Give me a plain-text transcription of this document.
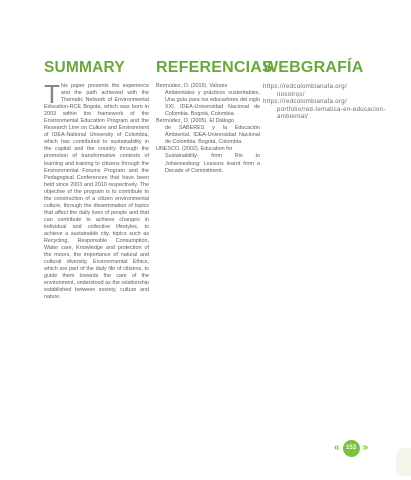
SUMMARY

This paper presents the experience and the path achieved with the Thematic Network of Environmental Education-RCE Bogota, which was born in 2003 within the framework of the Environmental Education Program and the Research Line on Culture and Environment of IDEA-National University of Colombia, which has contributed to sustainability in the capital and the country through the promotion of transformative contexts of learning and training to citizens through the Environmental Forums Program and the Pedagogical Conferences that have been held since 2003 and 2010 respectively. The objective of the program is to contribute to the construction of a citizen environmental culture, through the dissemination of topics that affect the daily lives of people and that can contribute to achieve changes in individual and collective lifestyles, to achieve a sustainable city, topics such as Recycling, Responsible Consumption, Water care, Knowledge and protection of the moors, the importance of natural and cultural diversity, Environmental Ethics, which are part of the daily life of citizens, to guide them towards the care of the environment, understood as the relationship established between society, culture and nature.

REFERENCIAS
Bermúdez, O. (2015). Valores
Ambientales y prácticos sustentables. Una guía para los educadores del siglo XXI. IDEA-Universidad Nacional de Colombia. Bogotá, Colombia.
Bermúdez, O. (2005). El Diálogo
de SABERES y la Educación Ambiental. IDEA-Universidad Nacional de Colombia. Bogotá, Colombia.
UNESCO. (2002). Education for
Sustainability- from Rio to Johannesburg: Lessons learnt from a Decade of Commitment.
WEBGRAFÍA
https://redcolombianafa.org/
nosotros/
https://redcolombianafa.org/
portfolio/red-tematica-en-educacion-ambiental/
«	153 »
